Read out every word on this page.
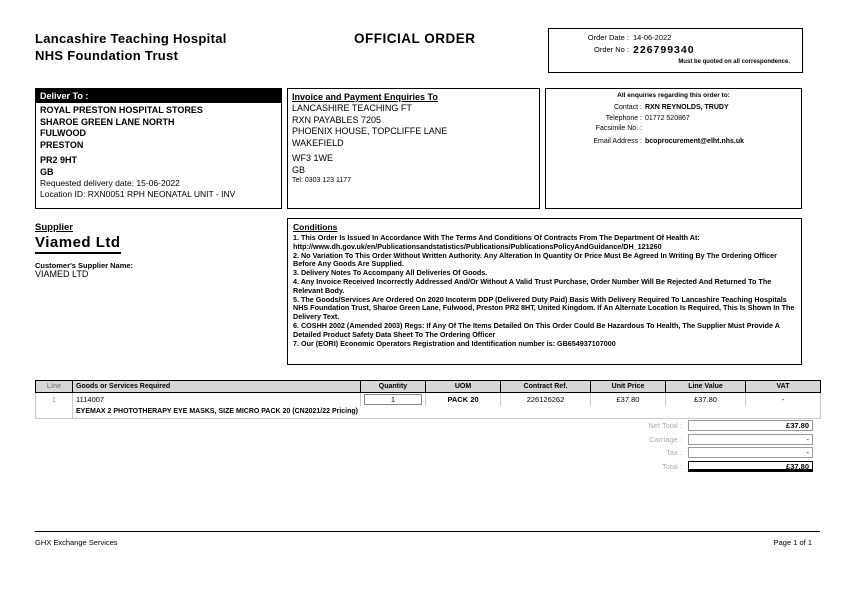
Lancashire Teaching Hospital
NHS Foundation Trust
OFFICIAL ORDER	Order Date : 14-06-2022
Order No : 226799340
Must be quoted on all correspondence.
Deliver To :
ROYAL PRESTON HOSPITAL STORES
SHAROE GREEN LANE NORTH
FULWOOD
PRESTON
PR2 9HT
GB
Requested delivery date: 15-06-2022
Location ID: RXN0051 RPH NEONATAL UNIT - INV
Invoice and Payment Enquiries To
LANCASHIRE TEACHING FT
RXN PAYABLES 7205
PHOENIX HOUSE, TOPCLIFFE LANE
WAKEFIELD
WF3 1WE
GB
Tel: 0303 123 1177
All enquiries regarding this order to:
Contact : RXN REYNOLDS, TRUDY
Telephone : 01772 520867
Facsimile No. :
Email Address : bcoprocurement@elht.nhs.uk
Supplier
Viamed Ltd
Customer's Supplier Name:
VIAMED LTD
Conditions
1. This Order Is Issued In Accordance With The Terms And Conditions Of Contracts From The Department Of Health At: http://www.dh.gov.uk/en/Publicationsandstatistics/Publications/PublicationsPolicyAndGuidance/DH_121260
2. No Variation To This Order Without Written Authority. Any Alteration In Quantity Or Price Must Be Agreed In Writing By The Ordering Officer Before Any Goods Are Supplied.
3. Delivery Notes To Accompany All Deliveries Of Goods.
4. Any Invoice Received Incorrectly Addressed And/Or Without A Valid Trust Purchase, Order Number Will Be Rejected And Returned To The Relevant Body.
5. The Goods/Services Are Ordered On 2020 Incoterm DDP (Delivered Duty Paid) Basis With Delivery Required To Lancashire Teaching Hospitals NHS Foundation Trust, Sharoe Green Lane, Fulwood, Preston PR2 8HT, United Kingdom. If An Alternate Location Is Required, This Is Shown In The Delivery Text.
6. COSHH 2002 (Amended 2003) Regs: If Any Of The Items Detailed On This Order Could Be Hazardous To Health, The Supplier Must Provide A Detailed Product Safety Data Sheet To The Ordering Officer
7. Our (EORI) Economic Operators Registration and Identification number is: GB654937107000
Line	Goods or Services Required	Quantity	UOM	Contract Ref.	Unit Price	Line Value	VAT
1	1114007	1	PACK 20	226126262	£37.80	£37.80	-
	EYEMAX 2 PHOTOTHERAPY EYE MASKS, SIZE MICRO PACK 20 (CN2021/22 Pricing)						
Net Total :	£37.80
Carriage :	-
Tax :	-
Total :	£37.80
GHX Exchange Services	Page 1 of 1
